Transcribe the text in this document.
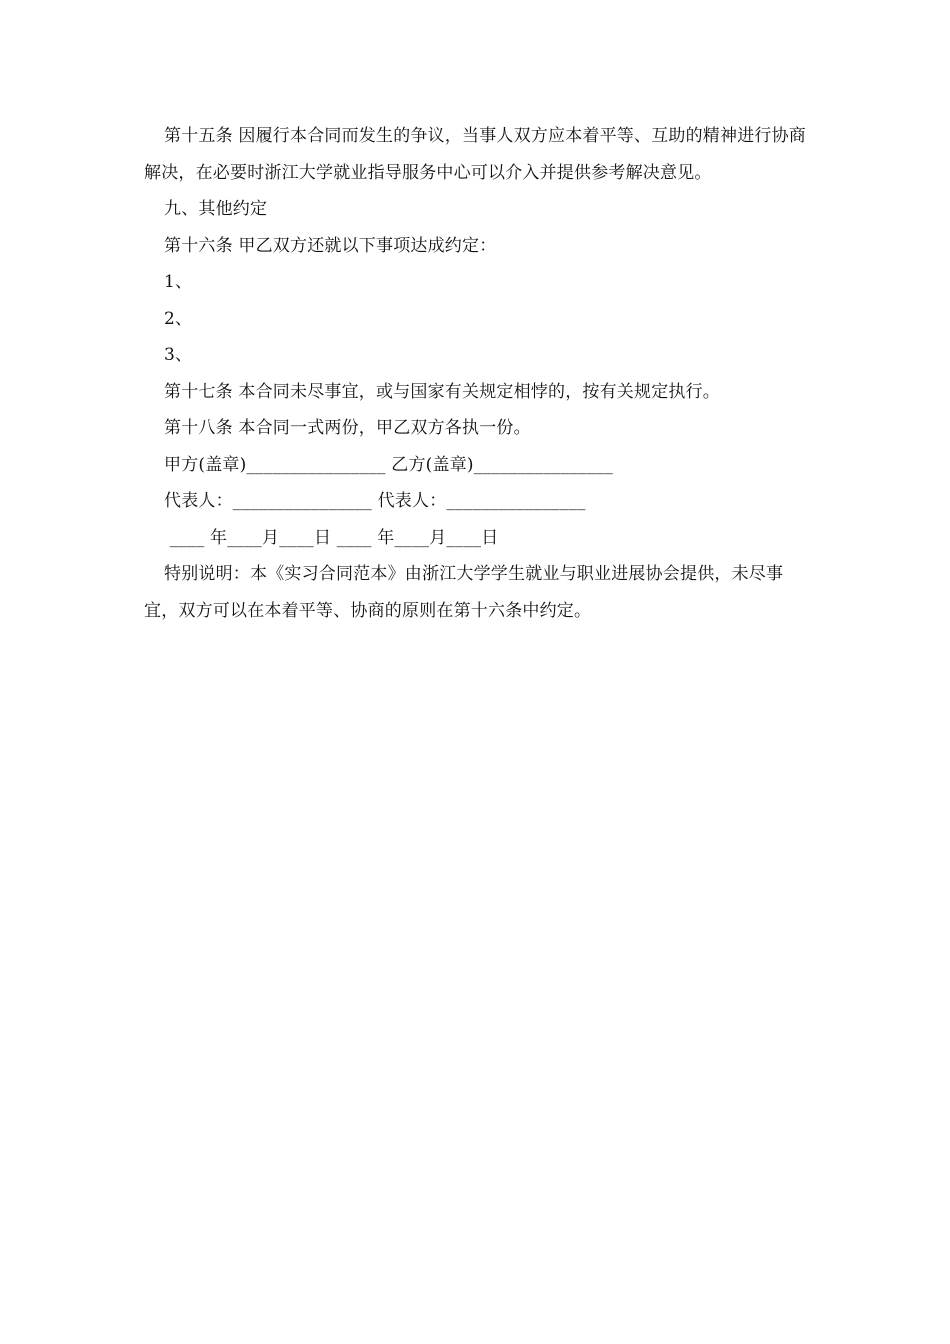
第十五条 因履行本合同而发生的争议，当事人双方应本着平等、互助的精神进行协商解决，在必要时浙江大学就业指导服务中心可以介入并提供参考解决意见。

九、其他约定

第十六条 甲乙双方还就以下事项达成约定：

1、

2、

3、

第十七条 本合同未尽事宜，或与国家有关规定相悖的，按有关规定执行。

第十八条 本合同一式两份，甲乙双方各执一份。

甲方(盖章)________________ 乙方(盖章)________________

代表人：________________ 代表人：________________

____ 年____月____日 ____ 年____月____日

特别说明：本《实习合同范本》由浙江大学学生就业与职业进展协会提供，未尽事宜，双方可以在本着平等、协商的原则在第十六条中约定。
